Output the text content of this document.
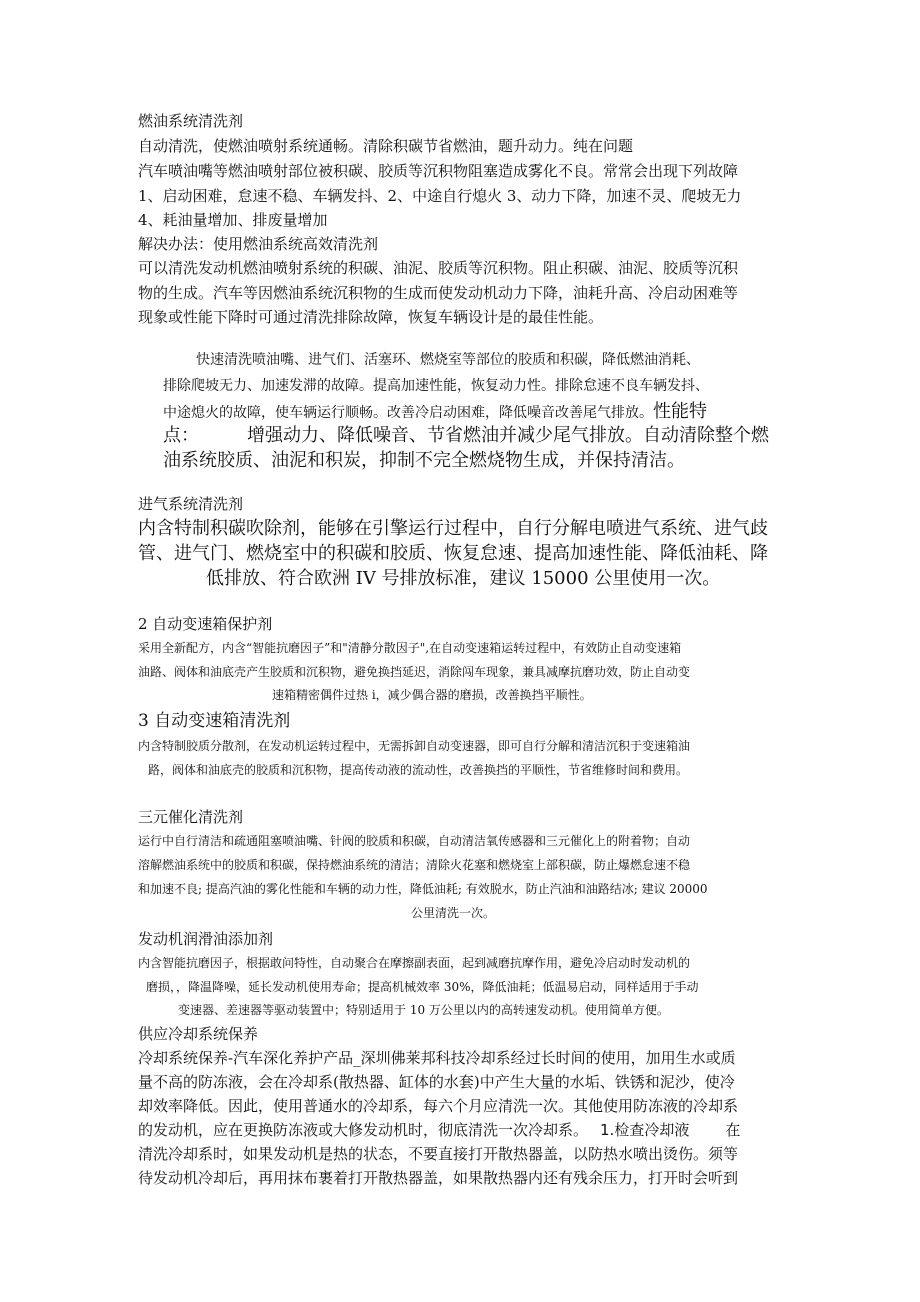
燃油系统清洗剂
自动清洗，使燃油喷射系统通畅。清除积碳节省燃油，题升动力。纯在问题
汽车喷油嘴等燃油喷射部位被积碳、胶质等沉积物阻塞造成雾化不良。常常会出现下列故障
1、启动困难，怠速不稳、车辆发抖、2、中途自行熄火 3、动力下降，加速不灵、爬坡无力
4、耗油量增加、排废量增加
解决办法：使用燃油系统高效清洗剂
可以清洗发动机燃油喷射系统的积碳、油泥、胶质等沉积物。阻止积碳、油泥、胶质等沉积
物的生成。汽车等因燃油系统沉积物的生成而使发动机动力下降，油耗升高、冷启动困难等
现象或性能下降时可通过清洗排除故障，恢复车辆设计是的最佳性能。
快速清洗喷油嘴、进气们、活塞环、燃烧室等部位的胶质和积碳，降低燃油消耗、
排除爬坡无力、加速发滞的故障。提高加速性能，恢复动力性。排除怠速不良车辆发抖、
中途熄火的故障，使车辆运行顺畅。改善冷启动困难，降低噪音改善尾气排放。性能特
点：	增强动力、降低噪音、节省燃油并减少尾气排放。自动清除整个燃
油系统胶质、油泥和积炭，抑制不完全燃烧物生成，并保持清洁。
进气系统清洗剂
内含特制积碳吹除剂，能够在引擎运行过程中，自行分解电喷进气系统、进气歧
管、进气门、燃烧室中的积碳和胶质、恢复怠速、提高加速性能、降低油耗、降
低排放、符合欧洲 IV 号排放标准，建议 15000 公里使用一次。
2 自动变速箱保护剂
采用全新配方，内含“智能抗磨因子”和"清静分散因子",在自动变速箱运转过程中，有效防止自动变速箱
油路、阀体和油底壳产生胶质和沉积物，避免换挡延迟，消除闯车现象，兼具减摩抗磨功效，防止自动变
速箱精密偶件过热 i，减少偶合器的磨损，改善换挡平顺性。
3 自动变速箱清洗剂
内含特制胶质分散剂，在发动机运转过程中，无需拆卸自动变速器，即可自行分解和清洁沉积于变速箱油
路，阀体和油底壳的胶质和沉积物，提高传动液的流动性，改善换挡的平顺性，节省维修时间和费用。
三元催化清洗剂
运行中自行清洁和疏通阻塞喷油嘴、针阀的胶质和积碳，自动清洁氧传感器和三元催化上的附着物；自动
溶解燃油系统中的胶质和积碳，保持燃油系统的清洁；清除火花塞和燃烧室上部积碳，防止爆燃怠速不稳
和加速不良; 提高汽油的雾化性能和车辆的动力性，降低油耗; 有效脱水，防止汽油和油路结冰; 建议 20000
公里清洗一次。
发动机润滑油添加剂
内含智能抗磨因子，根据敢问特性，自动聚合在摩擦副表面，起到减磨抗摩作用，避免冷启动时发动机的
磨损，，降温降噪，延长发动机使用寿命；提高机械效率 30%，降低油耗；低温易启动，同样适用于手动
变速器、差速器等驱动装置中；特别适用于 10 万公里以内的高转速发动机。使用简单方便。
供应冷却系统保养
冷却系统保养-汽车深化养护产品_深圳佛莱邦科技冷却系经过长时间的使用，加用生水或质
量不高的防冻液，会在冷却系(散热器、缸体的水套)中产生大量的水垢、铁锈和泥沙，使冷
却效率降低。因此，使用普通水的冷却系，每六个月应清洗一次。其他使用防冻液的冷却系
的发动机，应在更换防冻液或大修发动机时，彻底清洗一次冷却系。 1.检查冷却液 在
清洗冷却系时，如果发动机是热的状态，不要直接打开散热器盖，以防热水喷出烫伤。须等
待发动机冷却后，再用抹布裹着打开散热器盖，如果散热器内还有残余压力，打开时会听到
